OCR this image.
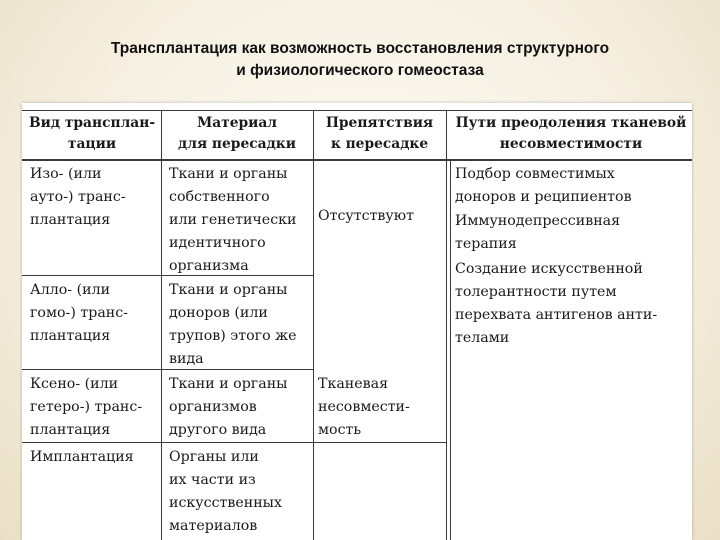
Трансплантация как возможность восстановления структурного
и физиологического гомеостаза
Вид трансплан-
тации
Материал
для пересадки
Препятствия
к пересадке
Пути преодоления тканевой
несовместимости
Изо- (или
ауто-) транс-
плантация
Ткани и органы
собственного
или генетически
идентичного
организма
Алло- (или
гомо-) транс-
плантация
Ткани и органы
доноров (или
трупов) этого же
вида
Ксено- (или
гетеро-) транс-
плантация
Ткани и органы
организмов
другого вида
Имплантация Органы или
их части из
искусственных
материалов
Отсутствуют
Тканевая
несовмести-
мость
Подбор совместимых
доноров и реципиентов
Иммунодепрессивная
терапия
Создание искусственной
толерантности путем
перехвата антигенов анти-
телами
